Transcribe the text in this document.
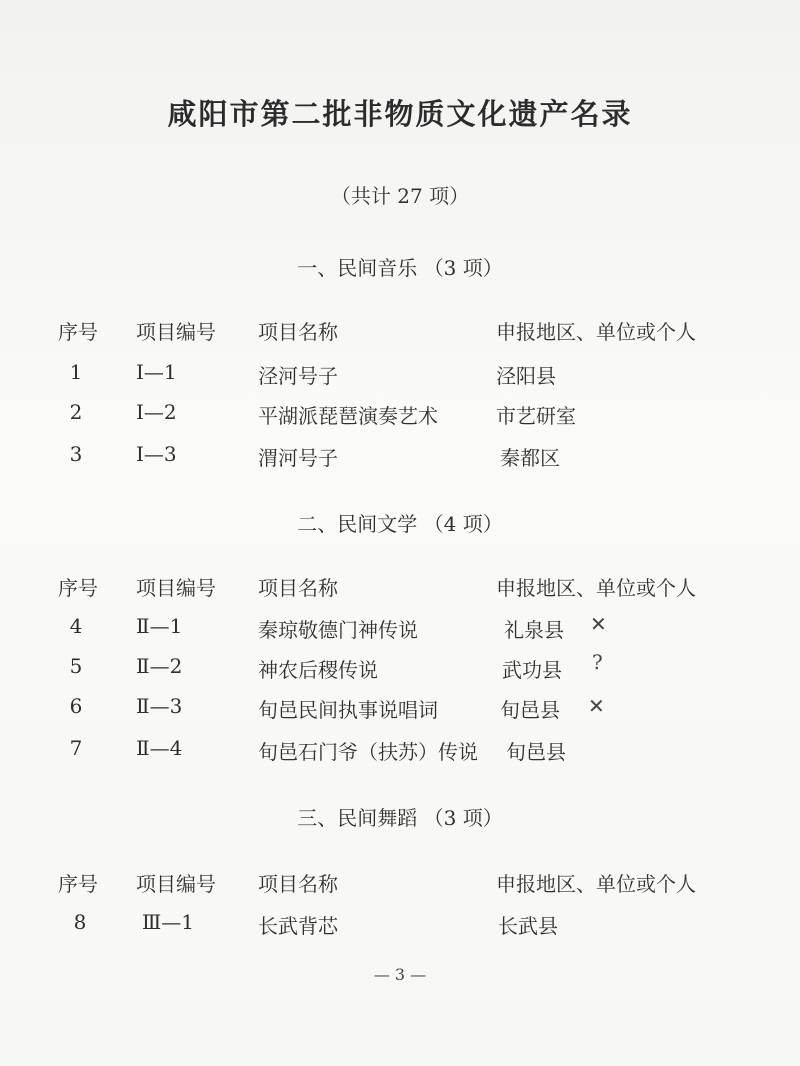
咸阳市第二批非物质文化遗产名录
（共计 27 项）
一、民间音乐 （3 项）
序号 项目编号 项目名称	申报地区、单位或个人
1	Ⅰ—1	泾河号子	泾阳县
2	Ⅰ—2	平湖派琵琶演奏艺术	市艺研室
3	Ⅰ—3	渭河号子	秦都区
二、民间文学 （4 项）
序号 项目编号 项目名称	申报地区、单位或个人
4	Ⅱ—1	秦琼敬德门神传说	礼泉县 ✕
5	Ⅱ—2	神农后稷传说	武功县 ?
6	Ⅱ—3	旬邑民间执事说唱词	旬邑县 ✕
7	Ⅱ—4	旬邑石门爷（扶苏）传说 旬邑县
三、民间舞蹈 （3 项）
序号 项目编号 项目名称	申报地区、单位或个人
8	Ⅲ—1	长武背芯	长武县
— 3 —
